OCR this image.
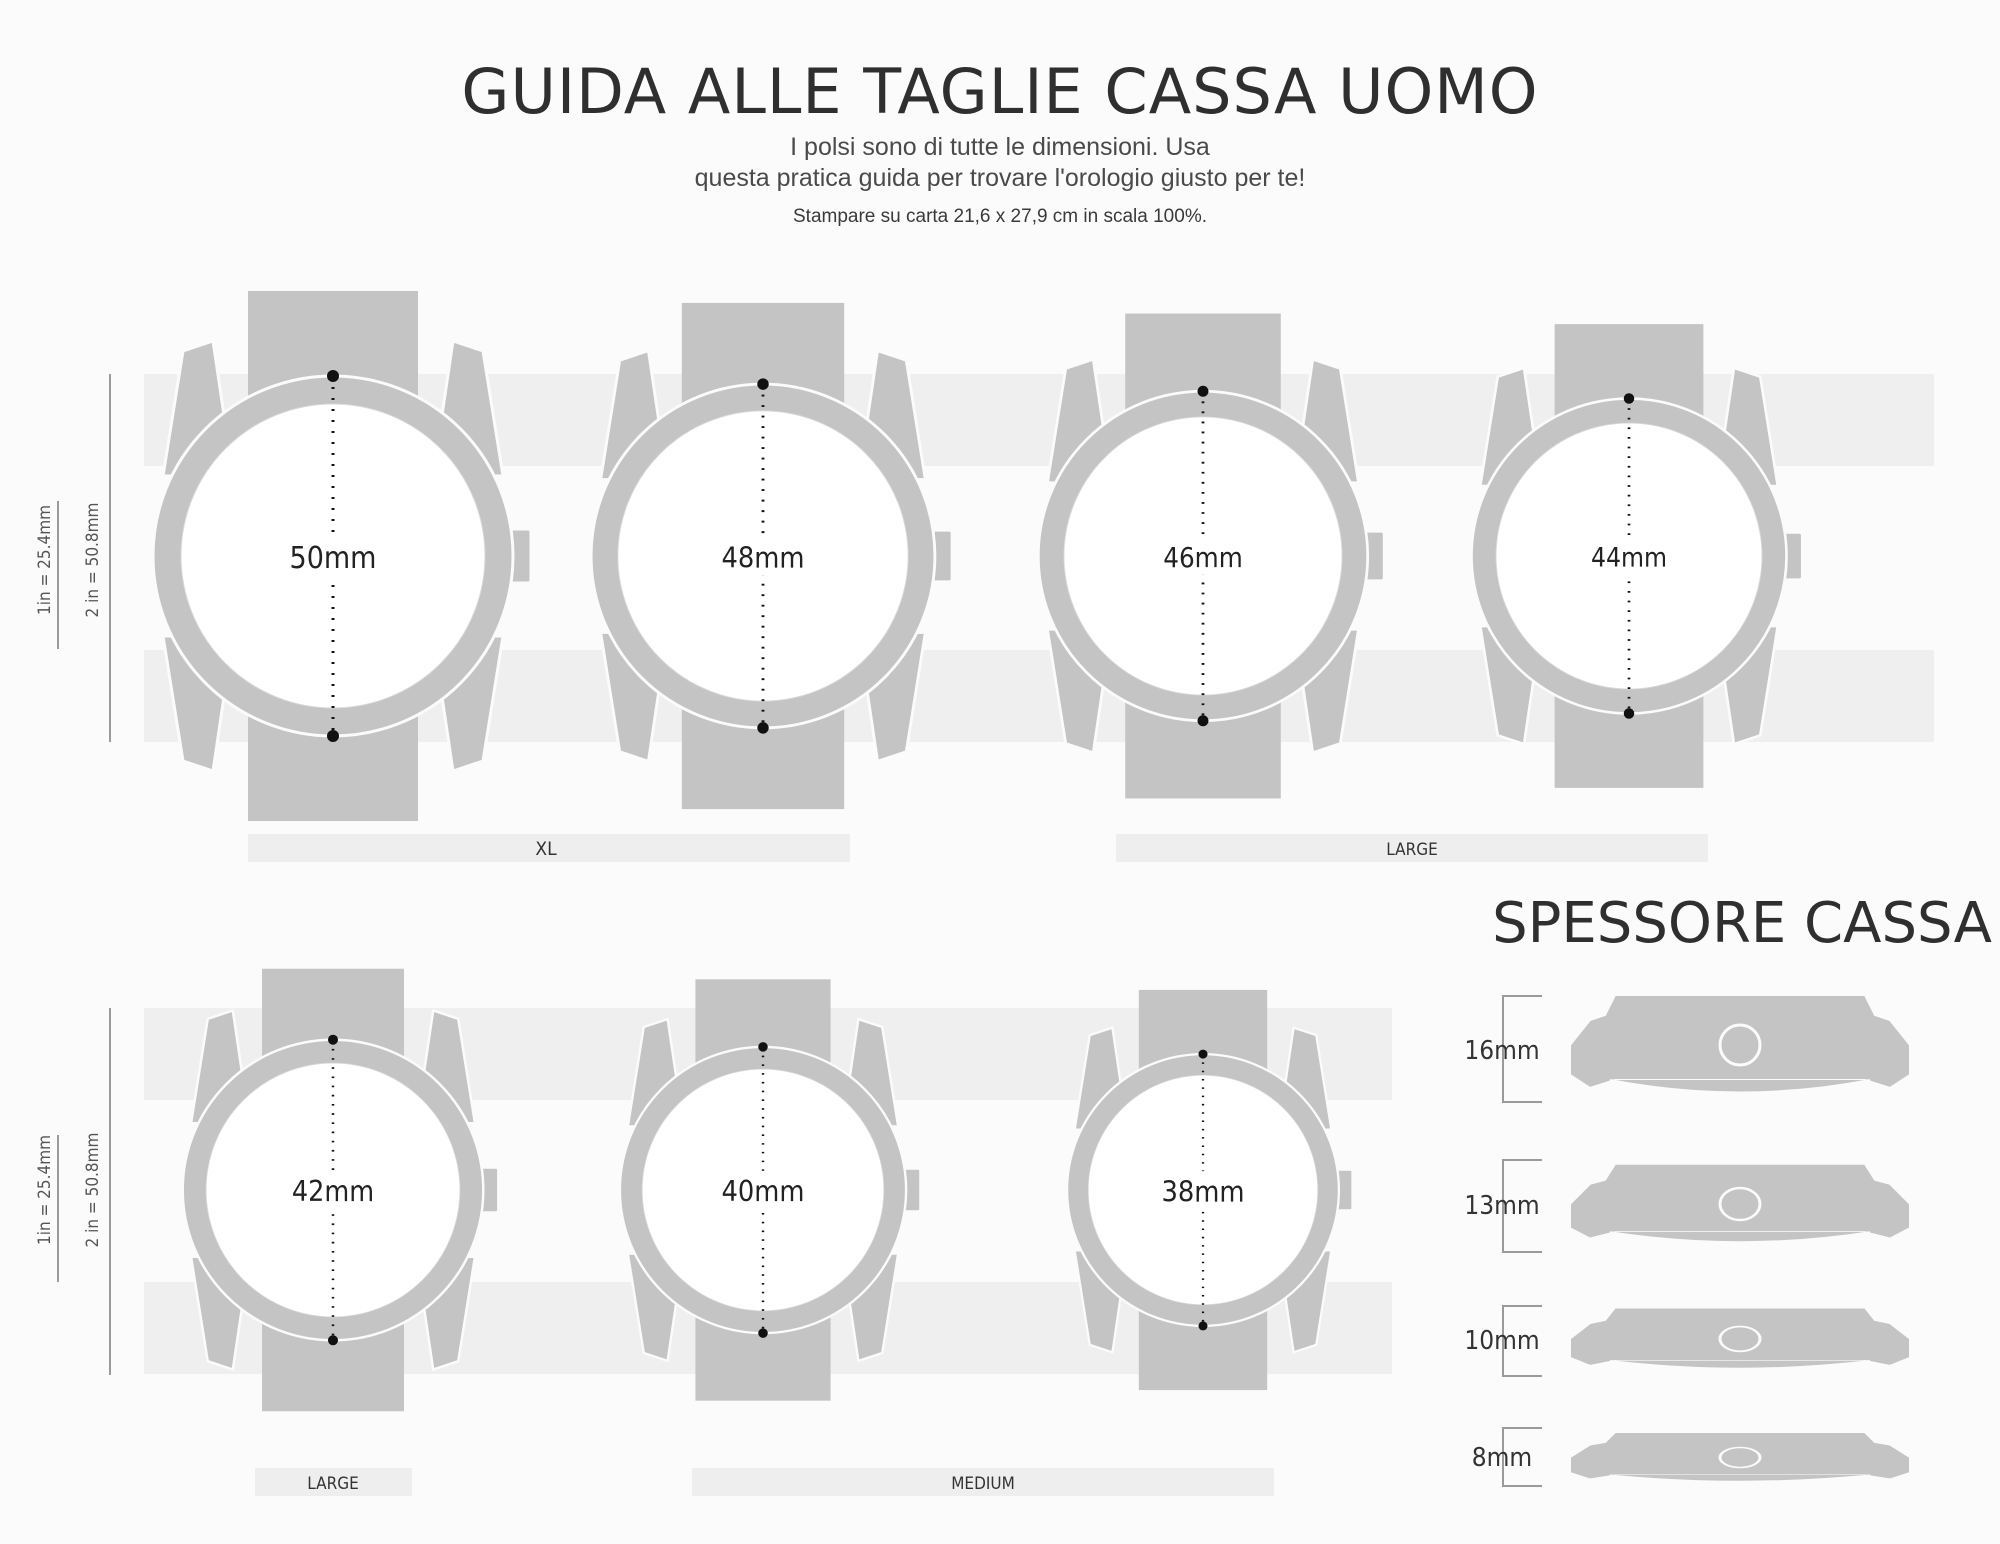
GUIDA ALLE TAGLIE CASSA UOMO
I polsi sono di tutte le dimensioni. Usa
questa pratica guida per trovare l'orologio giusto per te!
Stampare su carta 21,6 x 27,9 cm in scala 100%.
1in = 25.4mm 2 in = 50.8mm	50mm	48mm	46mm	44mm
XL	LARGE
1in = 25.4mm 2 in = 50.8mm	42mm	40mm	38mm
LARGE	MEDIUM
SPESSORE CASSA
16mm
13mm
10mm
8mm
